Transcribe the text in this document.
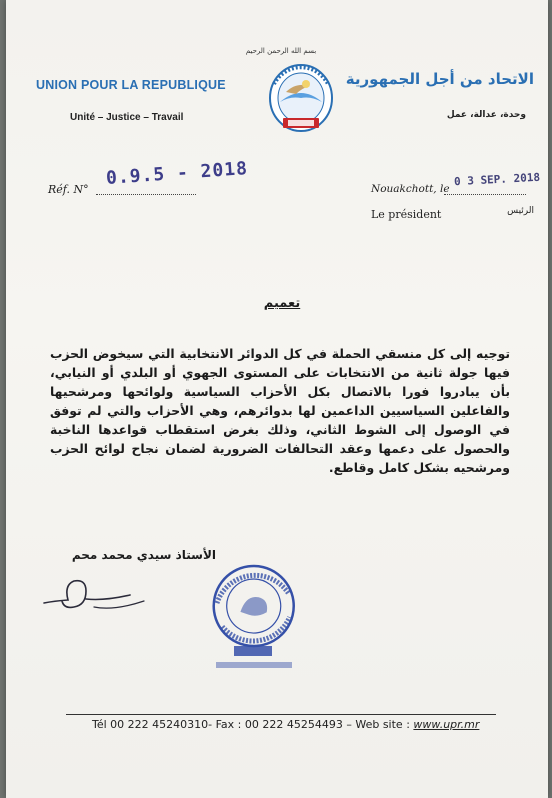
بسم الله الرحمن الرحيم
UNION POUR LA REPUBLIQUE
Unité – Justice – Travail
الاتحاد من أجل الجمهورية
وحدة، عدالة، عمل
Réf. N°
0.9.5 - 2018
Nouakchott, le
0 3 SEP. 2018
Le président	الرئيس
تعميم
توجيه إلى كل منسقي الحملة في كل الدوائر الانتخابية التي سيخوض الحزب فيها جولة ثانية من الانتخابات على المستوى الجهوي أو البلدي أو النيابي، بأن يبادروا فورا بالاتصال بكل الأحزاب السياسية ولوائحها ومرشحيها والفاعلين السياسيين الداعمين لها بدوائرهم، وهي الأحزاب والتي لم توفق في الوصول إلى الشوط الثاني، وذلك بغرض استقطاب قواعدها الناخبة والحصول على دعمها وعقد التحالفات الضرورية لضمان نجاح لوائح الحزب ومرشحيه بشكل كامل وقاطع.
الأستاذ سيدي محمد محم
Tél 00 222 45240310- Fax : 00 222 45254493 – Web site : www.upr.mr
